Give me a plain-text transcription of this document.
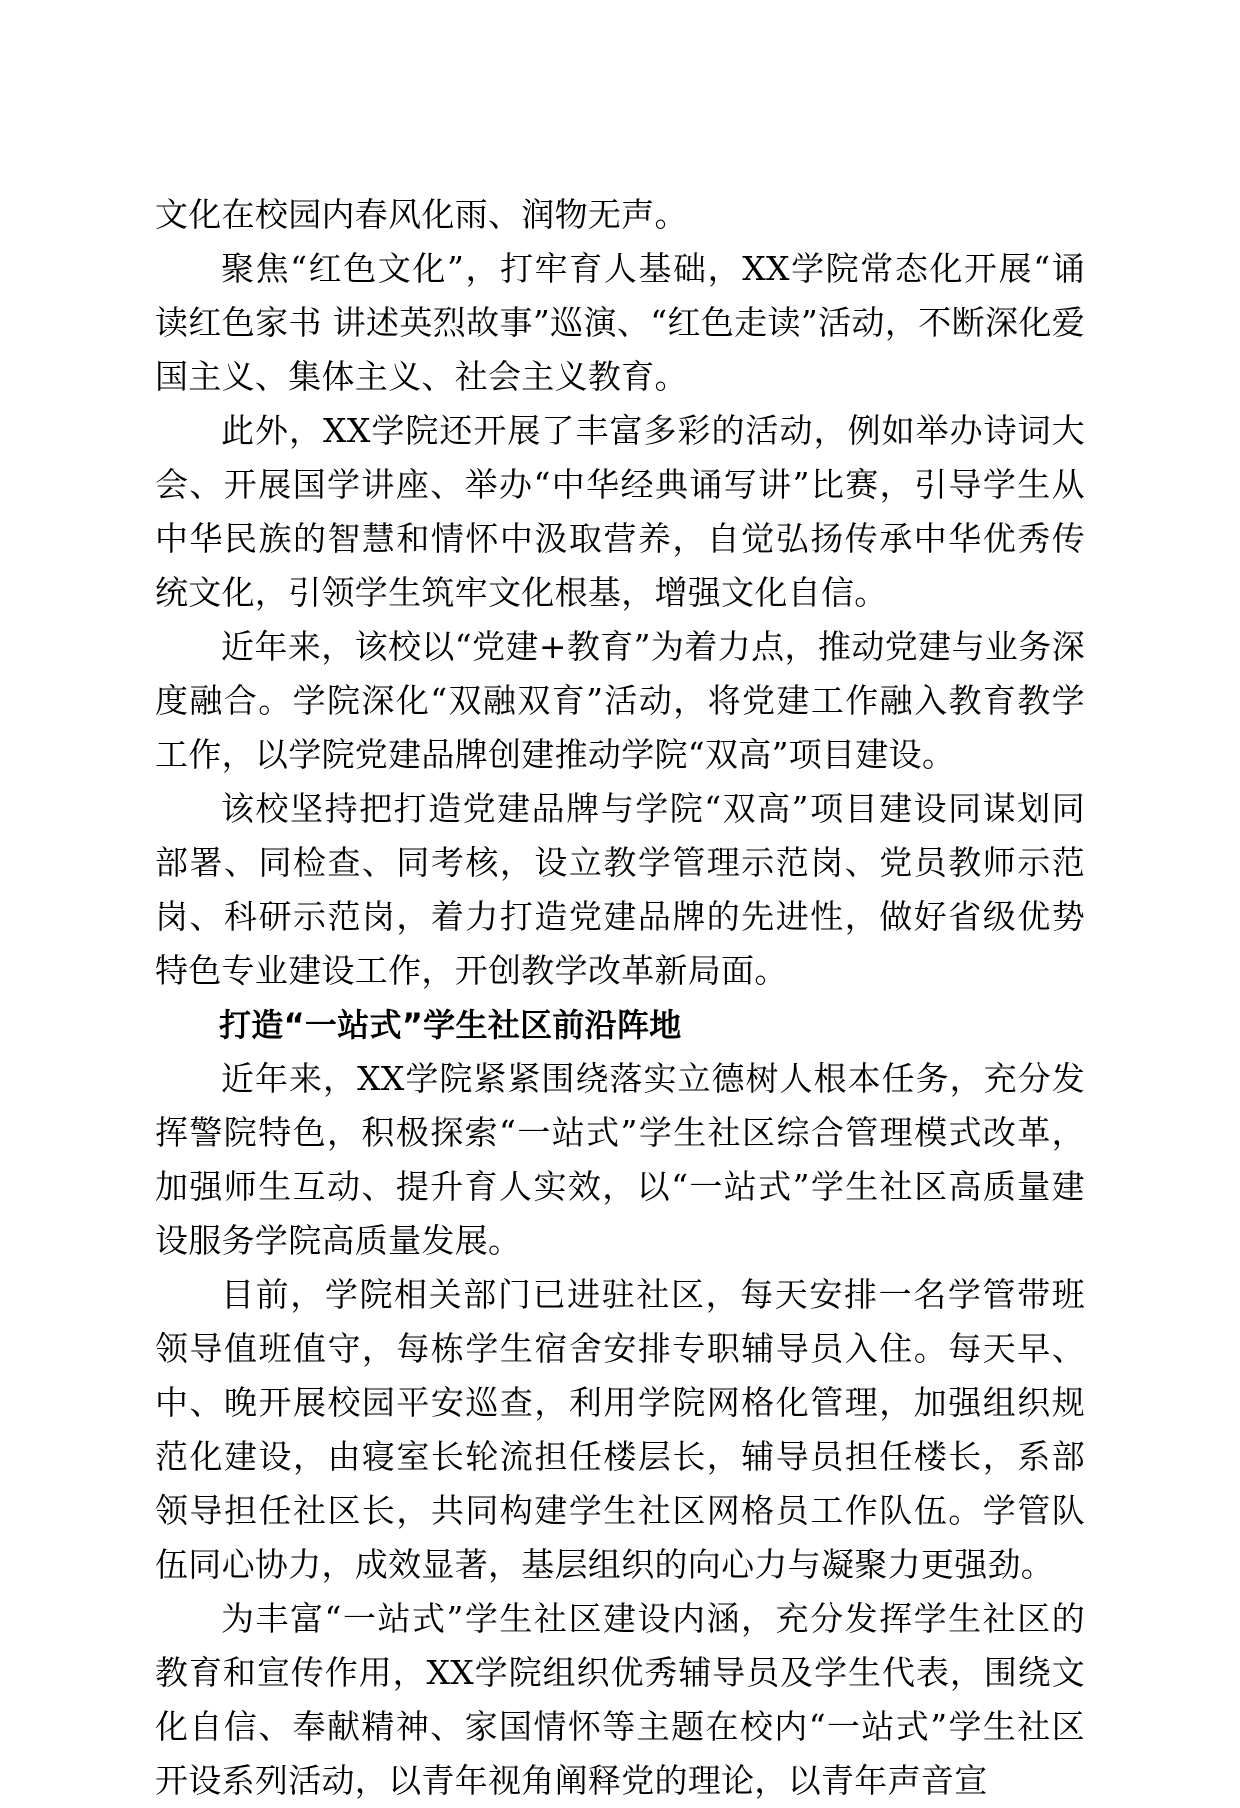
文化在校园内春风化雨、润物无声。

聚焦“红色文化”，打牢育人基础，XX学院常态化开展“诵读红色家书 讲述英烈故事”巡演、“红色走读”活动，不断深化爱国主义、集体主义、社会主义教育。

此外，XX学院还开展了丰富多彩的活动，例如举办诗词大会、开展国学讲座、举办“中华经典诵写讲”比赛，引导学生从中华民族的智慧和情怀中汲取营养，自觉弘扬传承中华优秀传统文化，引领学生筑牢文化根基，增强文化自信。

近年来，该校以“党建+教育”为着力点，推动党建与业务深度融合。学院深化“双融双育”活动，将党建工作融入教育教学工作，以学院党建品牌创建推动学院“双高”项目建设。

该校坚持把打造党建品牌与学院“双高”项目建设同谋划同部署、同检查、同考核，设立教学管理示范岗、党员教师示范岗、科研示范岗，着力打造党建品牌的先进性，做好省级优势特色专业建设工作，开创教学改革新局面。

打造“一站式”学生社区前沿阵地

近年来，XX学院紧紧围绕落实立德树人根本任务，充分发挥警院特色，积极探索“一站式”学生社区综合管理模式改革，加强师生互动、提升育人实效，以“一站式”学生社区高质量建设服务学院高质量发展。

目前，学院相关部门已进驻社区，每天安排一名学管带班领导值班值守，每栋学生宿舍安排专职辅导员入住。每天早、中、晚开展校园平安巡查，利用学院网格化管理，加强组织规范化建设，由寝室长轮流担任楼层长，辅导员担任楼长，系部领导担任社区长，共同构建学生社区网格员工作队伍。学管队伍同心协力，成效显著，基层组织的向心力与凝聚力更强劲。

为丰富“一站式”学生社区建设内涵，充分发挥学生社区的教育和宣传作用，XX学院组织优秀辅导员及学生代表，围绕文化自信、奉献精神、家国情怀等主题在校内“一站式”学生社区开设系列活动，以青年视角阐释党的理论，以青年声音宣
